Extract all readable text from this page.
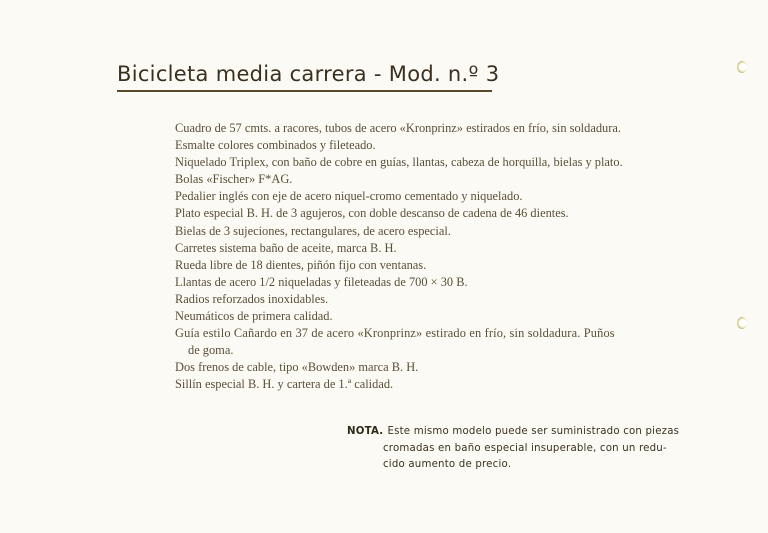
Bicicleta media carrera - Mod. n.º 3
Cuadro de 57 cmts. a racores, tubos de acero «Kronprinz» estirados en frío, sin soldadura.
Esmalte colores combinados y fileteado.
Niquelado Triplex, con baño de cobre en guías, llantas, cabeza de horquilla, bielas y plato.
Bolas «Fischer» F*AG.
Pedalier inglés con eje de acero niquel-cromo cementado y niquelado.
Plato especial B. H. de 3 agujeros, con doble descanso de cadena de 46 dientes.
Bielas de 3 sujeciones, rectangulares, de acero especial.
Carretes sistema baño de aceite, marca B. H.
Rueda libre de 18 dientes, piñón fijo con ventanas.
Llantas de acero 1/2 niqueladas y fileteadas de 700 × 30 B.
Radios reforzados inoxidables.
Neumáticos de primera calidad.
Guía estilo Cañardo en 37 de acero «Kronprinz» estirado en frío, sin soldadura. Puños
de goma.
Dos frenos de cable, tipo «Bowden» marca B. H.
Sillín especial B. H. y cartera de 1.ª calidad.
NOTA. Este mismo modelo puede ser suministrado con piezas
cromadas en baño especial insuperable, con un redu-
cido aumento de precio.
